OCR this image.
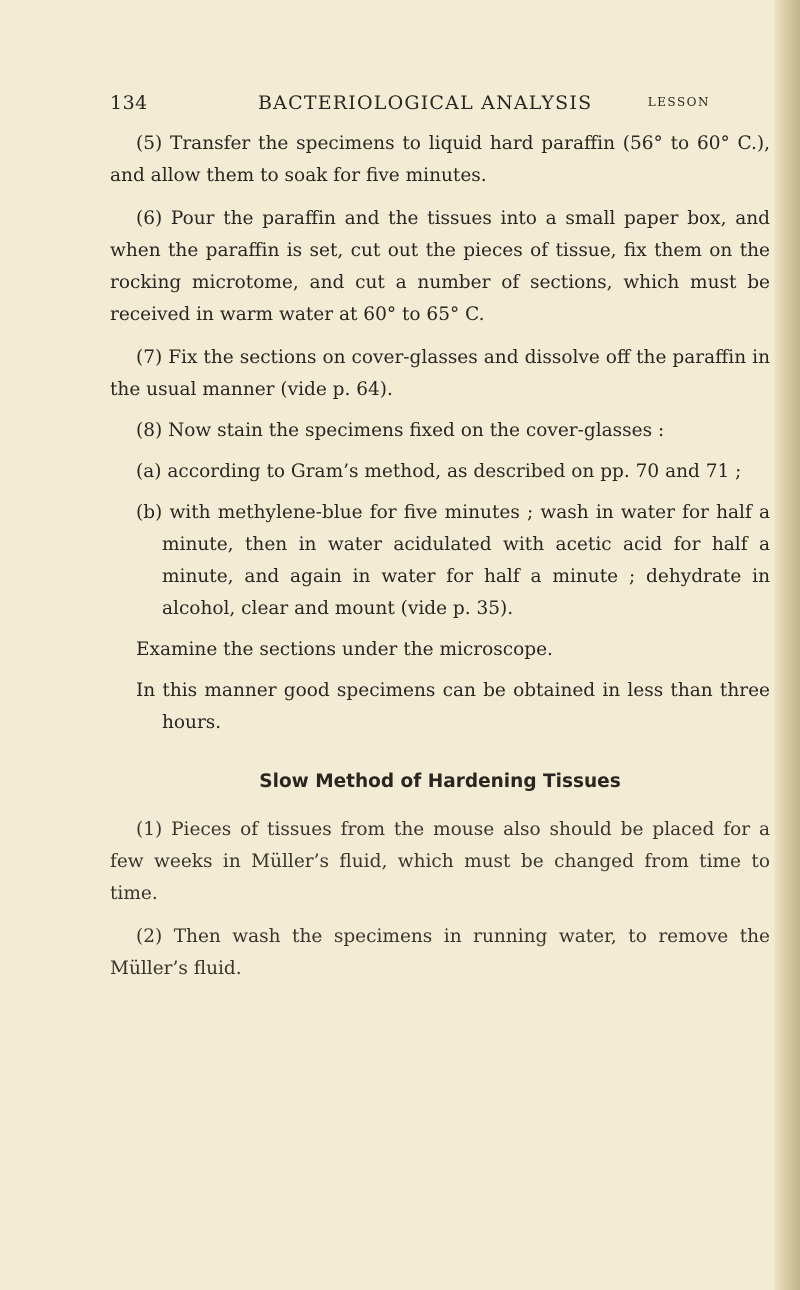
134	BACTERIOLOGICAL ANALYSIS	LESSON

(5) Transfer the specimens to liquid hard paraffin (56° to 60° C.), and allow them to soak for five minutes.

(6) Pour the paraffin and the tissues into a small paper box, and when the paraffin is set, cut out the pieces of tissue, fix them on the rocking microtome, and cut a number of sections, which must be received in warm water at 60° to 65° C.

(7) Fix the sections on cover-glasses and dissolve off the paraffin in the usual manner (vide p. 64).

(8) Now stain the specimens fixed on the cover-glasses :

(a) according to Gram’s method, as described on pp. 70 and 71 ;

(b) with methylene-blue for five minutes ; wash in water for half a minute, then in water acidulated with acetic acid for half a minute, and again in water for half a minute ; dehydrate in alcohol, clear and mount (vide p. 35).

Examine the sections under the microscope.

In this manner good specimens can be obtained in less than three hours.

Slow Method of Hardening Tissues

(1) Pieces of tissues from the mouse also should be placed for a few weeks in Müller’s fluid, which must be changed from time to time.

(2) Then wash the specimens in running water, to remove the Müller’s fluid.
